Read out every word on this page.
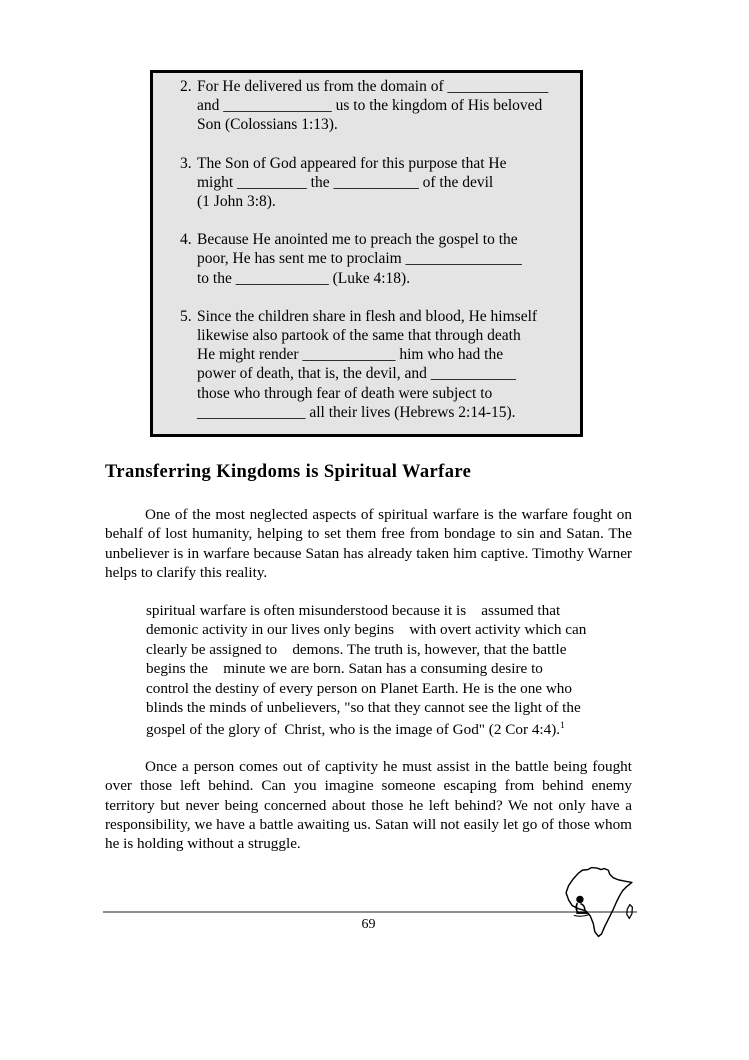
2. For He delivered us from the domain of _____________
and ______________ us to the kingdom of His beloved
Son (Colossians 1:13).
3. The Son of God appeared for this purpose that He
might _________ the ___________ of the devil
(1 John 3:8).
4. Because He anointed me to preach the gospel to the
poor, He has sent me to proclaim _______________
to the ____________ (Luke 4:18).
5. Since the children share in flesh and blood, He himself
likewise also partook of the same that through death
He might render ____________ him who had the
power of death, that is, the devil, and ___________
those who through fear of death were subject to
______________ all their lives (Hebrews 2:14-15).
Transferring Kingdoms is Spiritual Warfare

One of the most neglected aspects of spiritual warfare is the warfare fought on behalf of lost humanity, helping to set them free from bondage to sin and Satan. The unbeliever is in warfare because Satan has already taken him captive. Timothy Warner helps to clarify this reality.

spiritual warfare is often misunderstood because it is    assumed that
demonic activity in our lives only begins    with overt activity which can
clearly be assigned to    demons. The truth is, however, that the battle
begins the    minute we are born. Satan has a consuming desire to
control the destiny of every person on Planet Earth. He is the one who
blinds the minds of unbelievers, "so that they cannot see the light of the
gospel of the glory of  Christ, who is the image of God" (2 Cor 4:4).$^1$

Once a person comes out of captivity he must assist in the battle being fought over those left behind. Can you imagine someone escaping from behind enemy territory but never being concerned about those he left behind? We not only have a responsibility, we have a battle awaiting us. Satan will not easily let go of those whom he is holding without a struggle.

69
